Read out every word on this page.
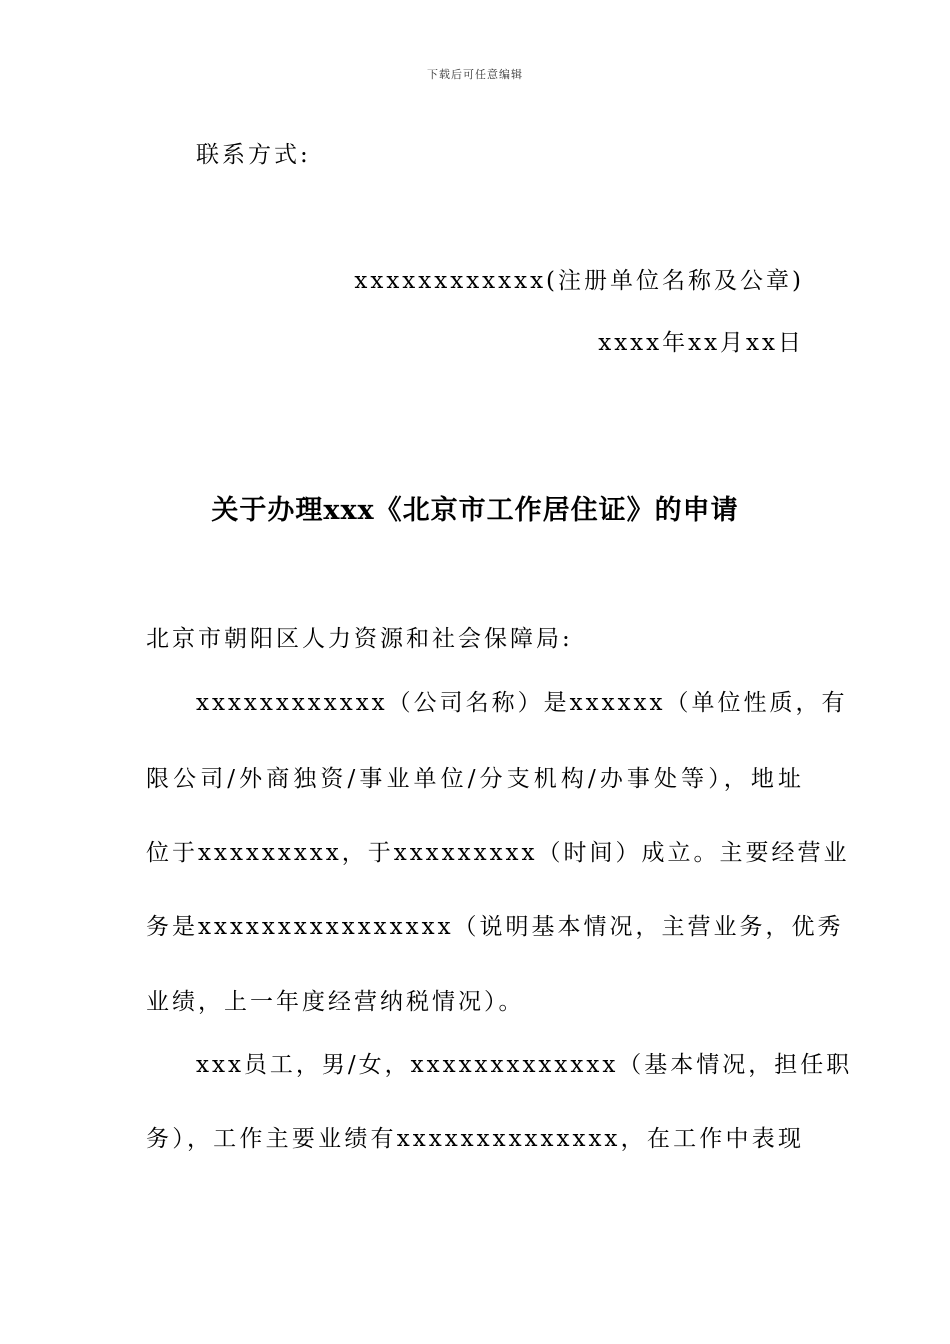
下载后可任意编辑
联系方式:
xxxxxxxxxxxx(注册单位名称及公章)
xxxx年xx月xx日
关于办理xxx《北京市工作居住证》的申请
北京市朝阳区人力资源和社会保障局:
xxxxxxxxxxxx（公司名称）是xxxxxx（单位性质，有
限公司/外商独资/事业单位/分支机构/办事处等），地址
位于xxxxxxxxx，于xxxxxxxxx（时间）成立。主要经营业
务是xxxxxxxxxxxxxxxx（说明基本情况，主营业务，优秀
业绩，上一年度经营纳税情况）。
xxx员工，男/女，xxxxxxxxxxxxx（基本情况，担任职
务），工作主要业绩有xxxxxxxxxxxxxx，在工作中表现
